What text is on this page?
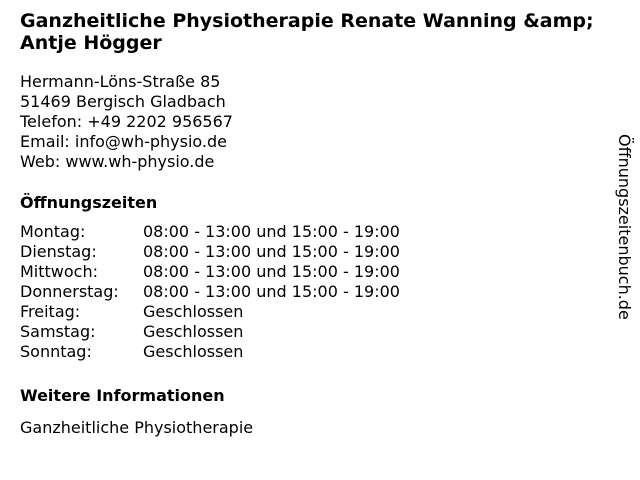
Ganzheitliche Physiotherapie Renate Wanning &amp; Antje Högger
Hermann-Löns-Straße 85
51469 Bergisch Gladbach
Telefon: +49 2202 956567
Email: info@wh-physio.de
Web: www.wh-physio.de
Öffnungszeiten
Montag:	08:00 - 13:00 und 15:00 - 19:00
Dienstag:	08:00 - 13:00 und 15:00 - 19:00
Mittwoch:	08:00 - 13:00 und 15:00 - 19:00
Donnerstag:	08:00 - 13:00 und 15:00 - 19:00
Freitag:	Geschlossen
Samstag:	Geschlossen
Sonntag:	Geschlossen
Weitere Informationen
Ganzheitliche Physiotherapie
Öffnungszeitenbuch.de
